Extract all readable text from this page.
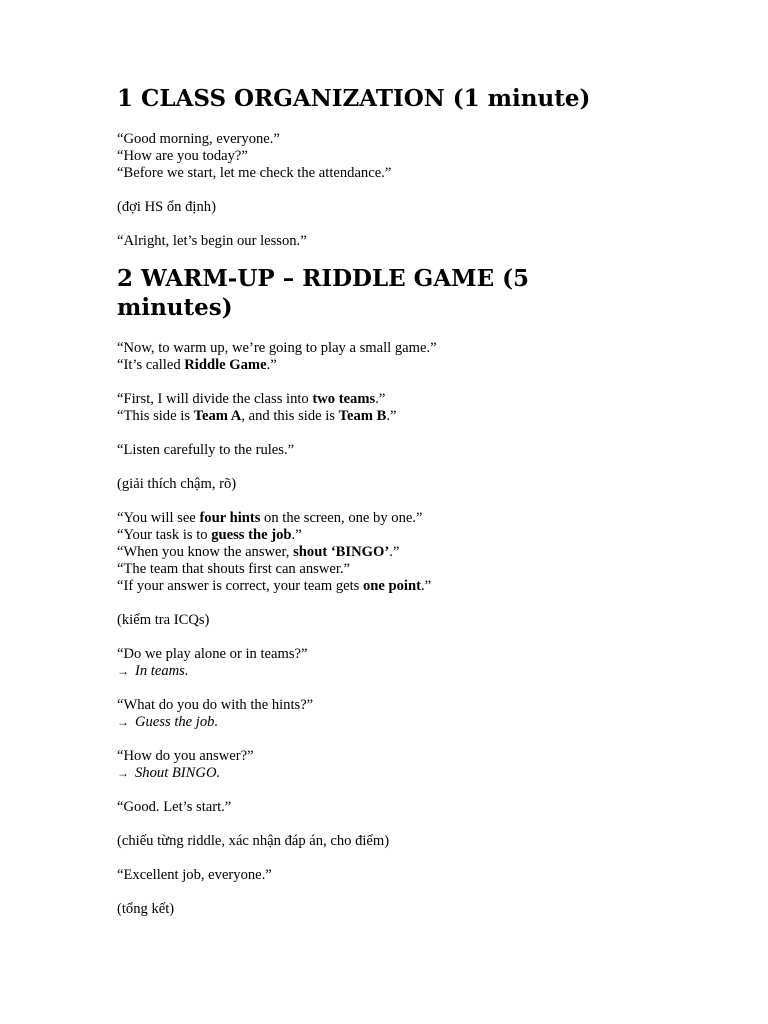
1 CLASS ORGANIZATION (1 minute)

“Good morning, everyone.”
“How are you today?”
“Before we start, let me check the attendance.”

(đợi HS ổn định)

“Alright, let’s begin our lesson.”

2 WARM-UP – RIDDLE GAME (5
minutes)

“Now, to warm up, we’re going to play a small game.”
“It’s called Riddle Game.”

“First, I will divide the class into two teams.”
“This side is Team A, and this side is Team B.”

“Listen carefully to the rules.”

(giải thích chậm, rõ)

“You will see four hints on the screen, one by one.”
“Your task is to guess the job.”
“When you know the answer, shout ‘BINGO’.”
“The team that shouts first can answer.”
“If your answer is correct, your team gets one point.”

(kiểm tra ICQs)

“Do we play alone or in teams?”
→ In teams.

“What do you do with the hints?”
→ Guess the job.

“How do you answer?”
→ Shout BINGO.

“Good. Let’s start.”

(chiếu từng riddle, xác nhận đáp án, cho điểm)

“Excellent job, everyone.”

(tổng kết)
